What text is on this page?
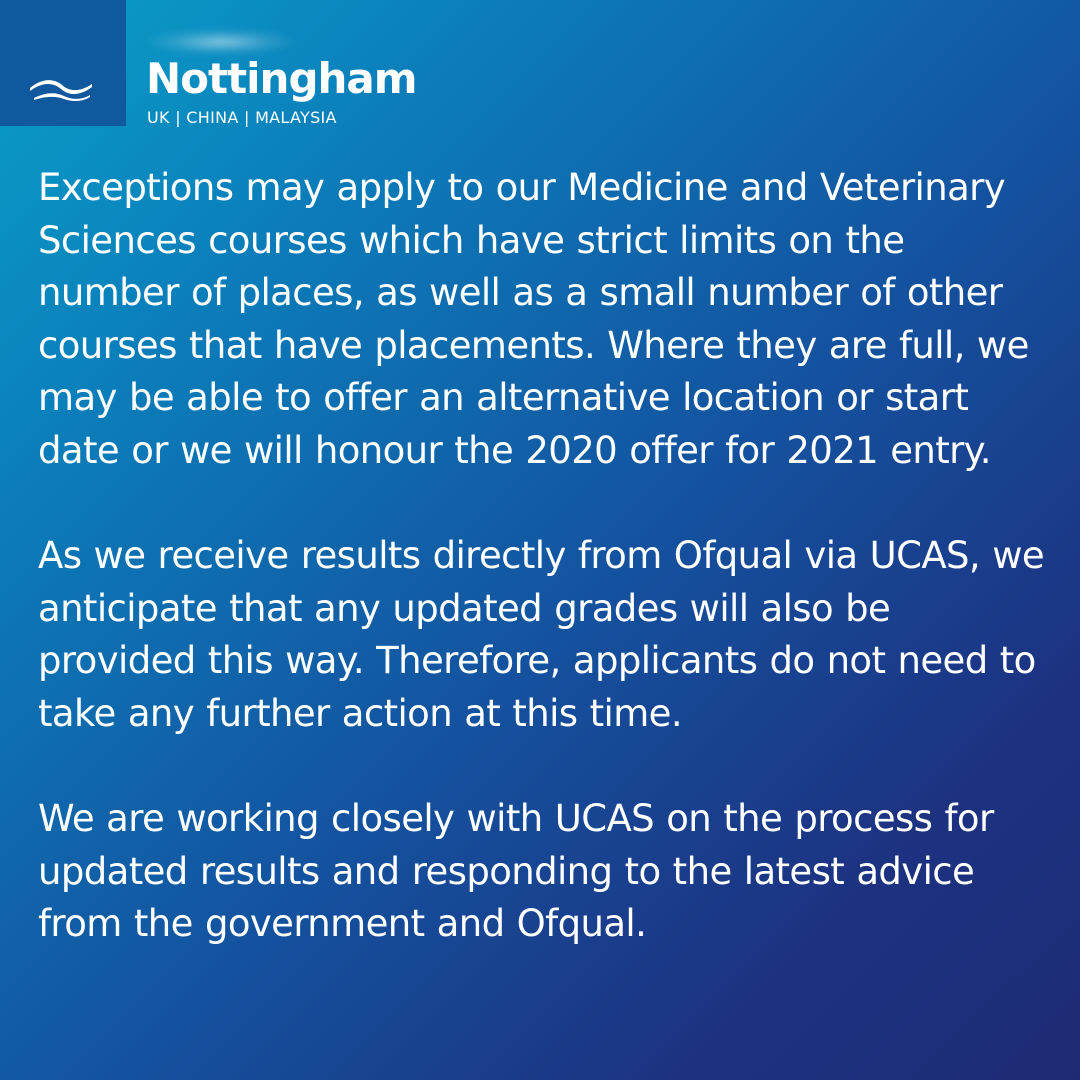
Nottingham
UK | CHINA | MALAYSIA

Exceptions may apply to our Medicine and Veterinary Sciences courses which have strict limits on the number of places, as well as a small number of other courses that have placements. Where they are full, we may be able to offer an alternative location or start date or we will honour the 2020 offer for 2021 entry.

As we receive results directly from Ofqual via UCAS, we anticipate that any updated grades will also be provided this way. Therefore, applicants do not need to take any further action at this time.

We are working closely with UCAS on the process for updated results and responding to the latest advice from the government and Ofqual.
